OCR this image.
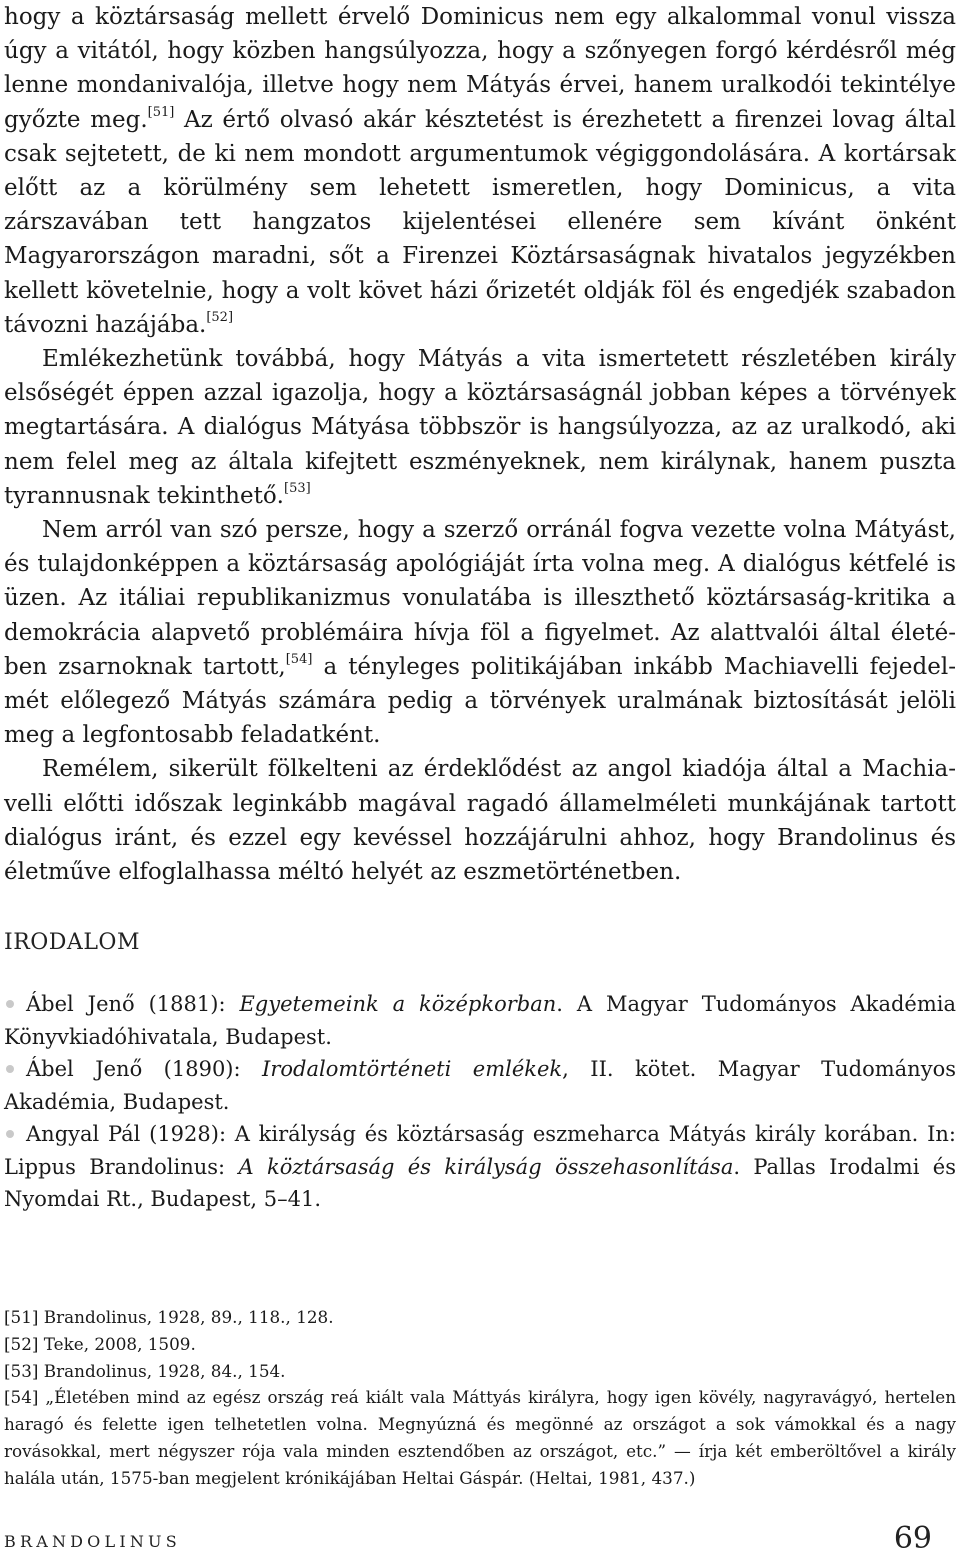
hogy a köztársaság mellett érvelő Dominicus nem egy alkalommal vonul vissza úgy a vitától, hogy közben hangsúlyozza, hogy a szőnyegen forgó kérdésről még lenne mondanivalója, illetve hogy nem Mátyás érvei, hanem uralkodói tekintélye győzte meg.[51] Az értő olvasó akár késztetést is érezhetett a firenzei lovag által csak sejtetett, de ki nem mondott argumentumok végiggondolására. A kortársak előtt az a körülmény sem lehetett ismeretlen, hogy Dominicus, a vita zárszavában tett hangzatos kijelentései ellenére sem kívánt önként Magyarországon maradni, sőt a Firenzei Köztársaságnak hivatalos jegyzékben kellett követelnie, hogy a volt követ házi őrizetét oldják föl és engedjék szabadon távozni hazájába.[52]

Emlékezhetünk továbbá, hogy Mátyás a vita ismertetett részletében király elsőségét éppen azzal igazolja, hogy a köztársaságnál jobban képes a törvények megtartására. A dialógus Mátyása többször is hangsúlyozza, az az uralkodó, aki nem felel meg az általa kifejtett eszményeknek, nem királynak, hanem puszta tyrannusnak tekinthető.[53]

Nem arról van szó persze, hogy a szerző orránál fogva vezette volna Mátyást, és tulajdonképpen a köztársaság apológiáját írta volna meg. A dialógus kétfelé is üzen. Az itáliai republikanizmus vonulatába is illeszthető köztársaság-kritika a demokrácia alapvető problémáira hívja föl a figyelmet. Az alattvalói által életében zsarnoknak tartott,[54] a tényleges politikájában inkább Machiavelli fejedelmét előlegező Mátyás számára pedig a törvények uralmának biztosítását jelöli meg a legfontosabb feladatként.

Remélem, sikerült fölkelteni az érdeklődést az angol kiadója által a Machiavelli előtti időszak leginkább magával ragadó államelméleti munkájának tartott dialógus iránt, és ezzel egy kevéssel hozzájárulni ahhoz, hogy Brandolinus és életműve elfoglalhassa méltó helyét az eszmetörténetben.

IRODALOM
Ábel Jenő (1881): Egyetemeink a középkorban. A Magyar Tudományos Akadémia Könyvkiadóhivatala, Budapest.
Ábel Jenő (1890): Irodalomtörténeti emlékek, II. kötet. Magyar Tudományos Akadémia, Budapest.
Angyal Pál (1928): A királyság és köztársaság eszmeharca Mátyás király korában. In: Lippus Brandolinus: A köztársaság és királyság összehasonlítása. Pallas Irodalmi és Nyomdai Rt., Budapest, 5–41.
[51] Brandolinus, 1928, 89., 118., 128.
[52] Teke, 2008, 1509.
[53] Brandolinus, 1928, 84., 154.
[54] „Életében mind az egész ország reá kiált vala Máttyás királyra, hogy igen kövély, nagyravágyó, hertelen haragó és felette igen telhetetlen volna. Megnyúzná és megönné az országot a sok vámokkal és a nagy rovásokkal, mert négyszer rója vala minden esztendőben az országot, etc.” — írja két emberöltővel a király halála után, 1575-ban megjelent krónikájában Heltai Gáspár. (Heltai, 1981, 437.)
BRANDOLINUS	69
